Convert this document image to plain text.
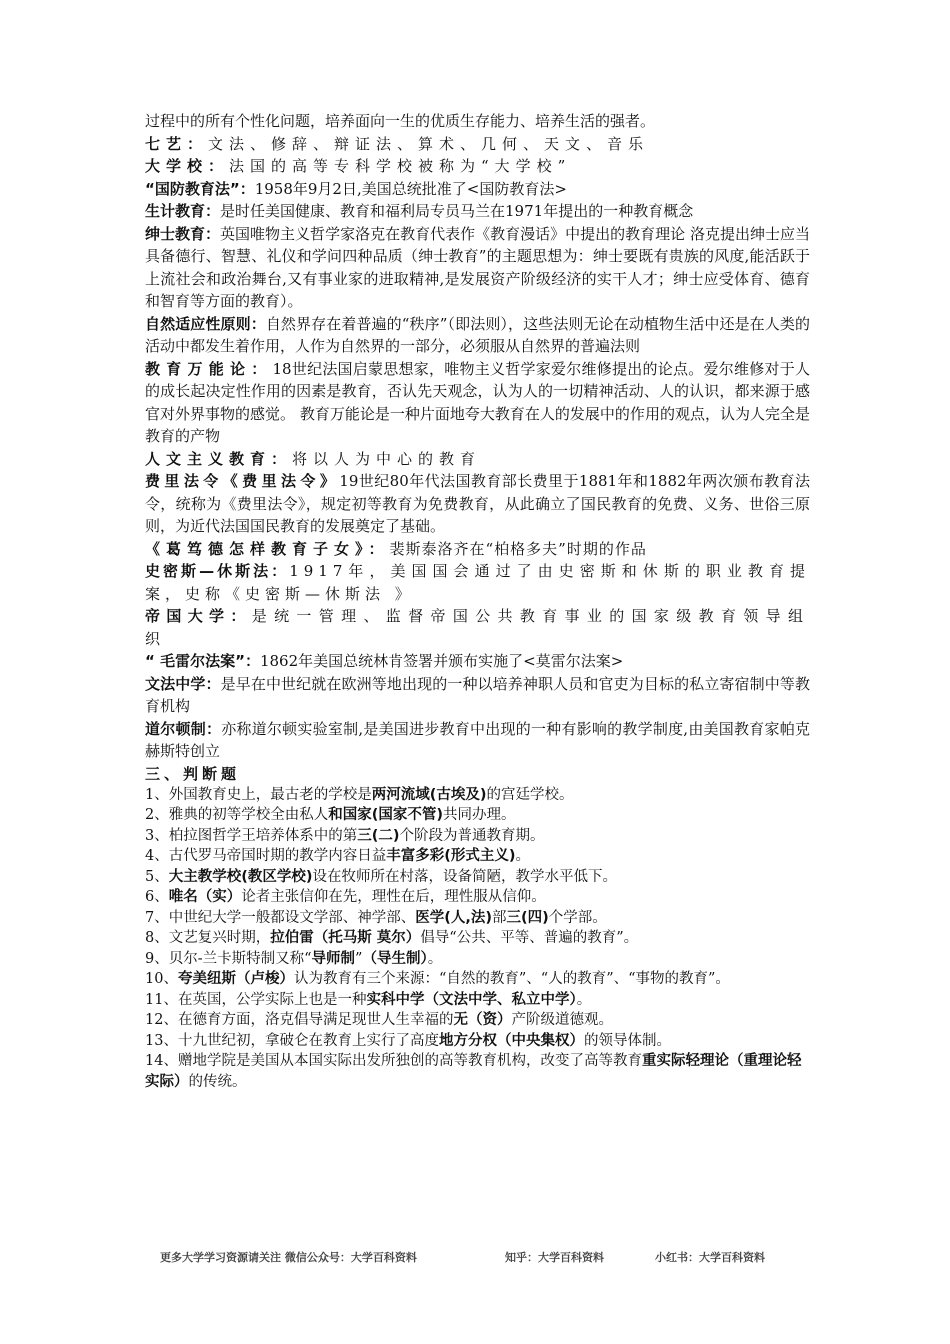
过程中的所有个性化问题，培养面向一生的优质生存能力、培养生活的强者。

七艺：文法、修辞、辩证法、算术、几何、天文、音乐

大学校：法国的高等专科学校被称为“大学校”

“国防教育法”：1958年9月2日,美国总统批准了<国防教育法>

生计教育：是时任美国健康、教育和福利局专员马兰在1971年提出的一种教育概念

绅士教育：英国唯物主义哲学家洛克在教育代表作《教育漫话》中提出的教育理论 洛克提出绅士应当具备德行、智慧、礼仪和学问四种品质（绅士教育”的主题思想为：绅士要既有贵族的风度,能活跃于上流社会和政治舞台,又有事业家的进取精神,是发展资产阶级经济的实干人才；绅士应受体育、德育和智育等方面的教育）。

自然适应性原则：自然界存在着普遍的“秩序”（即法则），这些法则无论在动植物生活中还是在人类的活动中都发生着作用，人作为自然界的一部分，必须服从自然界的普遍法则

教育万能论：18世纪法国启蒙思想家，唯物主义哲学家爱尔维修提出的论点。爱尔维修对于人的成长起决定性作用的因素是教育，否认先天观念，认为人的一切精神活动、人的认识，都来源于感官对外界事物的感觉。 教育万能论是一种片面地夸大教育在人的发展中的作用的观点，认为人完全是教育的产物

人文主义教育：将以人为中心的教育

费里法令《费里法令》19世纪80年代法国教育部长费里于1881年和1882年两次颁布教育法令，统称为《费里法令》，规定初等教育为免费教育，从此确立了国民教育的免费、义务、世俗三原则，为近代法国国民教育的发展奠定了基础。

《葛笃德怎样教育子女》：裴斯泰洛齐在“柏格多夫”时期的作品

史密斯—休斯法：1917年，美国国会通过了由史密斯和休斯的职业教育提案，史称《史密斯—休斯法 》

帝国大学：是统一管理、监督帝国公共教育事业的国家级教育领导组织

“ 毛雷尔法案”：1862年美国总统林肯签署并颁布实施了<莫雷尔法案>

文法中学：是早在中世纪就在欧洲等地出现的一种以培养神职人员和官吏为目标的私立寄宿制中等教育机构

道尔顿制：亦称道尔顿实验室制,是美国进步教育中出现的一种有影响的教学制度,由美国教育家帕克赫斯特创立

三、判断题

1、外国教育史上，最古老的学校是两河流域(古埃及)的宫廷学校。

2、雅典的初等学校全由私人和国家(国家不管)共同办理。

3、柏拉图哲学王培养体系中的第三(二)个阶段为普通教育期。

4、古代罗马帝国时期的教学内容日益丰富多彩(形式主义)。

5、大主教学校(教区学校)设在牧师所在村落，设备简陋，教学水平低下。

6、唯名（实）论者主张信仰在先，理性在后，理性服从信仰。

7、中世纪大学一般都设文学部、神学部、医学(人,法)部三(四)个学部。

8、文艺复兴时期，拉伯雷（托马斯 莫尔）倡导“公共、平等、普遍的教育”。

9、贝尔-兰卡斯特制又称“导师制”（导生制）。

10、夸美纽斯（卢梭）认为教育有三个来源：“自然的教育”、“人的教育”、“事物的教育”。

11、在英国，公学实际上也是一种实科中学（文法中学、私立中学）。

12、在德育方面，洛克倡导满足现世人生幸福的无（资）产阶级道德观。

13、十九世纪初，拿破仑在教育上实行了高度地方分权（中央集权）的领导体制。

14、赠地学院是美国从本国实际出发所独创的高等教育机构，改变了高等教育重实际轻理论（重理论轻实际）的传统。

更多大学学习资源请关注 微信公众号：大学百科资料	知乎：大学百科资料	小红书：大学百科资料
